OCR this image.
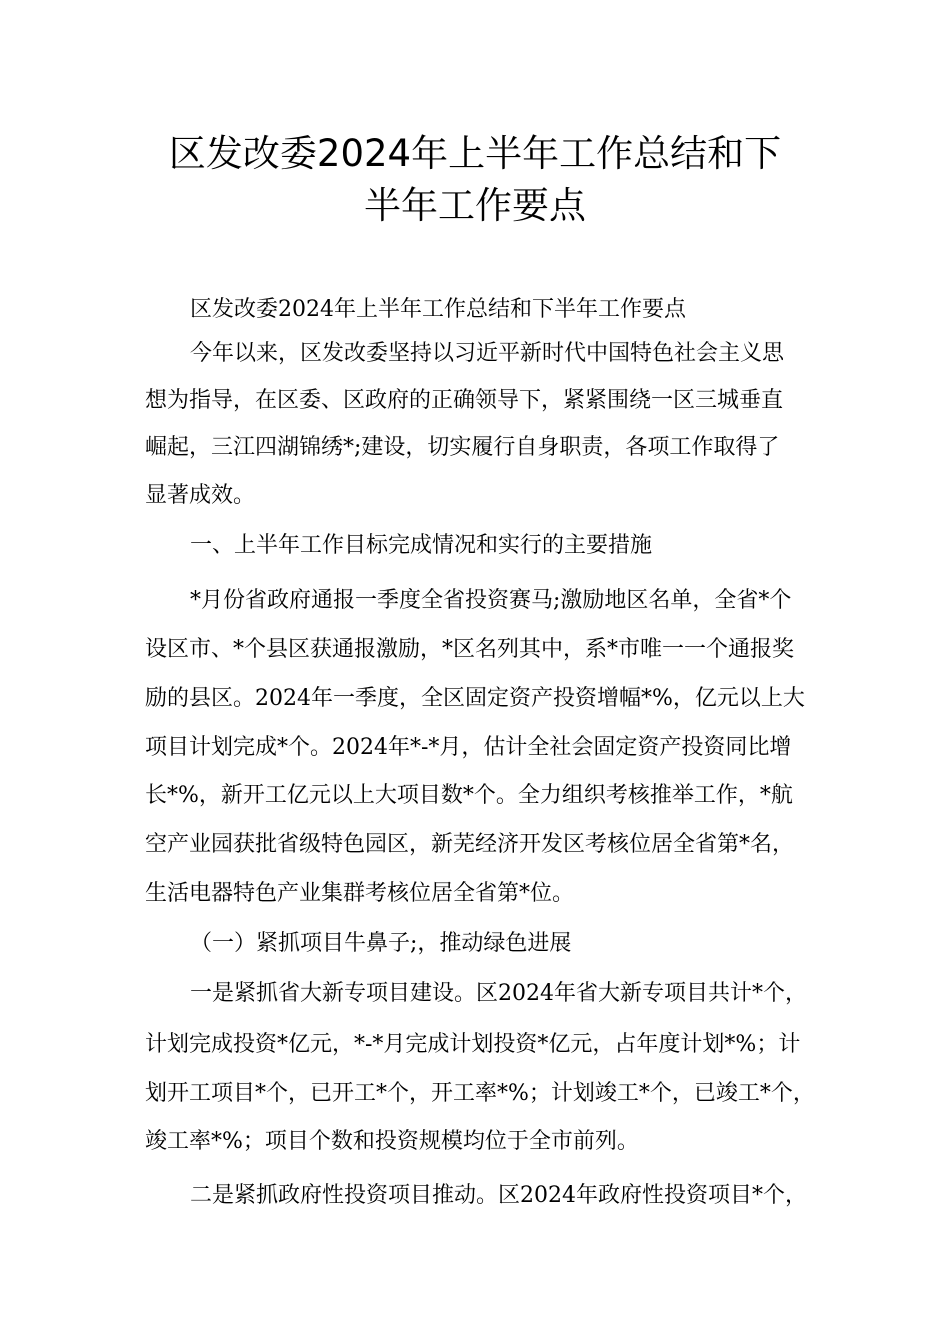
区发改委2024年上半年工作总结和下
半年工作要点

区发改委2024年上半年工作总结和下半年工作要点

今年以来，区发改委坚持以习近平新时代中国特色社会主义思

想为指导，在区委、区政府的正确领导下，紧紧围绕一区三城垂直

崛起，三江四湖锦绣*;建设，切实履行自身职责，各项工作取得了

显著成效。

一、上半年工作目标完成情况和实行的主要措施

*月份省政府通报一季度全省投资赛马;激励地区名单，全省*个

设区市、*个县区获通报激励，*区名列其中，系*市唯一一个通报奖

励的县区。2024年一季度，全区固定资产投资增幅*%，亿元以上大

项目计划完成*个。2024年*-*月，估计全社会固定资产投资同比增

长*%，新开工亿元以上大项目数*个。全力组织考核推举工作，*航

空产业园获批省级特色园区，新芜经济开发区考核位居全省第*名，

生活电器特色产业集群考核位居全省第*位。

（一）紧抓项目牛鼻子;，推动绿色进展

一是紧抓省大新专项目建设。区2024年省大新专项目共计*个，

计划完成投资*亿元，*-*月完成计划投资*亿元，占年度计划*%；计

划开工项目*个，已开工*个，开工率*%；计划竣工*个，已竣工*个，

竣工率*%；项目个数和投资规模均位于全市前列。

二是紧抓政府性投资项目推动。区2024年政府性投资项目*个，
